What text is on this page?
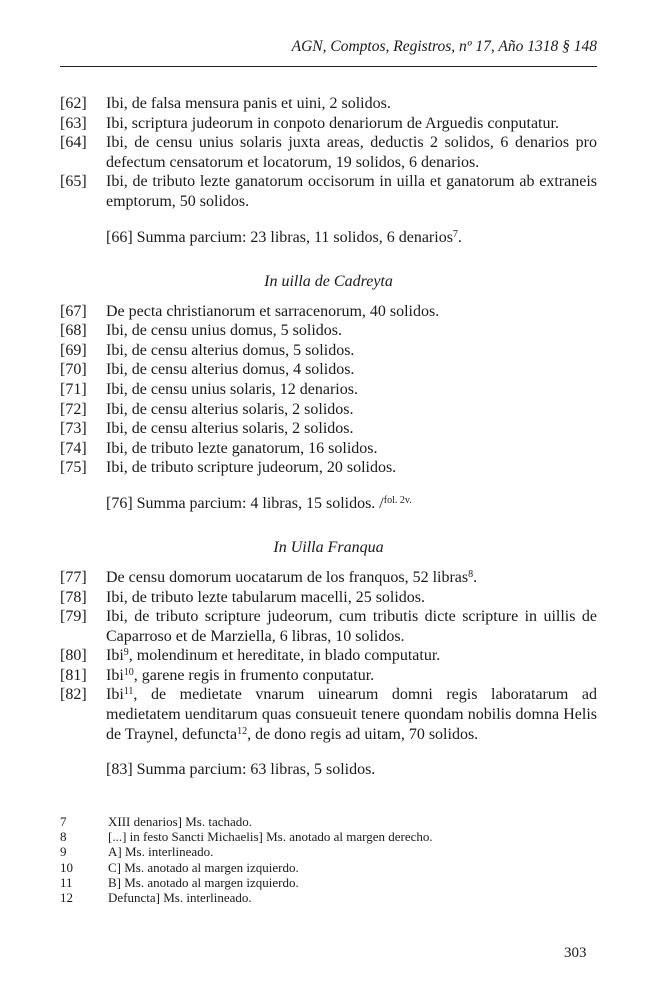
AGN, Comptos, Registros, nº 17, Año 1318 § 148
[62]	Ibi, de falsa mensura panis et uini, 2 solidos.
[63]	Ibi, scriptura judeorum in conpoto denariorum de Arguedis conputatur.
[64]	Ibi, de censu unius solaris juxta areas, deductis 2 solidos, 6 denarios pro defectum censatorum et locatorum, 19 solidos, 6 denarios.
[65]	Ibi, de tributo lezte ganatorum occisorum in uilla et ganatorum ab extraneis emptorum, 50 solidos.
[66] Summa parcium: 23 libras, 11 solidos, 6 denarios$^7$.
In uilla de Cadreyta
[67]	De pecta christianorum et sarracenorum, 40 solidos.
[68]	Ibi, de censu unius domus, 5 solidos.
[69]	Ibi, de censu alterius domus, 5 solidos.
[70]	Ibi, de censu alterius domus, 4 solidos.
[71]	Ibi, de censu unius solaris, 12 denarios.
[72]	Ibi, de censu alterius solaris, 2 solidos.
[73]	Ibi, de censu alterius solaris, 2 solidos.
[74]	Ibi, de tributo lezte ganatorum, 16 solidos.
[75]	Ibi, de tributo scripture judeorum, 20 solidos.
[76] Summa parcium: 4 libras, 15 solidos. /$^{fol. 2v.}$
In Uilla Franqua
[77]	De censu domorum uocatarum de los franquos, 52 libras$^8$.
[78]	Ibi, de tributo lezte tabularum macelli, 25 solidos.
[79]	Ibi, de tributo scripture judeorum, cum tributis dicte scripture in uillis de Caparroso et de Marziella, 6 libras, 10 solidos.
[80]	Ibi$^9$, molendinum et hereditate, in blado computatur.
[81]	Ibi$^{10}$, garene regis in frumento conputatur.
[82]	Ibi$^{11}$, de medietate vnarum uinearum domni regis laboratarum ad medietatem uenditarum quas consueuit tenere quondam nobilis domna Helis de Traynel, defuncta$^{12}$, de dono regis ad uitam, 70 solidos.
[83] Summa parcium: 63 libras, 5 solidos.
7	XIII denarios] Ms. tachado.
8	[...] in festo Sancti Michaelis] Ms. anotado al margen derecho.
9	A] Ms. interlineado.
10	C] Ms. anotado al margen izquierdo.
11	B] Ms. anotado al margen izquierdo.
12	Defuncta] Ms. interlineado.
303
